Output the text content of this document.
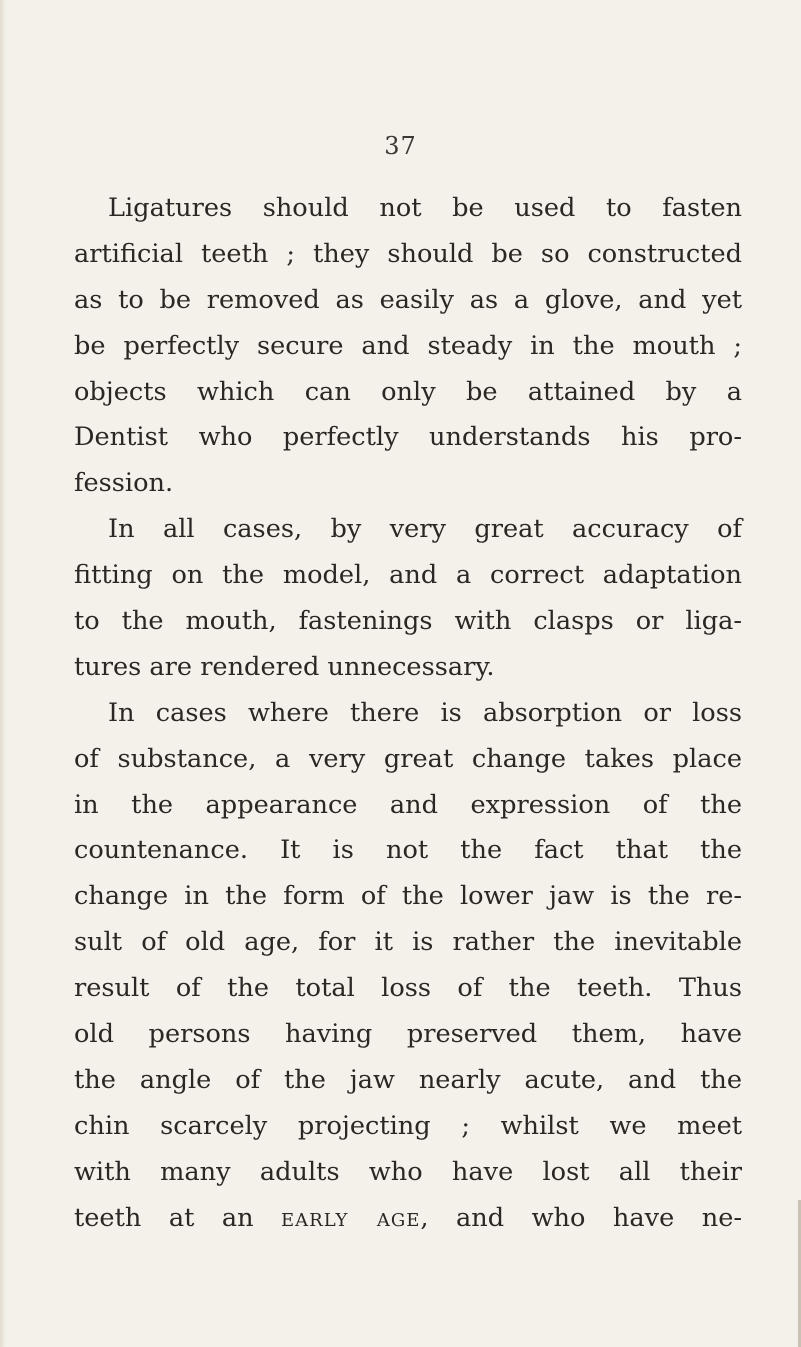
37
Ligatures should not be used to fasten
artificial teeth ; they should be so constructed
as to be removed as easily as a glove, and yet
be perfectly secure and steady in the mouth ;
objects which can only be attained by a
Dentist who perfectly understands his pro-
fession.
In all cases, by very great accuracy of
fitting on the model, and a correct adaptation
to the mouth, fastenings with clasps or liga-
tures are rendered unnecessary.
In cases where there is absorption or loss
of substance, a very great change takes place
in the appearance and expression of the
countenance. It is not the fact that the
change in the form of the lower jaw is the re-
sult of old age, for it is rather the inevitable
result of the total loss of the teeth. Thus
old persons having preserved them, have
the angle of the jaw nearly acute, and the
chin scarcely projecting ; whilst we meet
with many adults who have lost all their
teeth at an early age, and who have ne-
